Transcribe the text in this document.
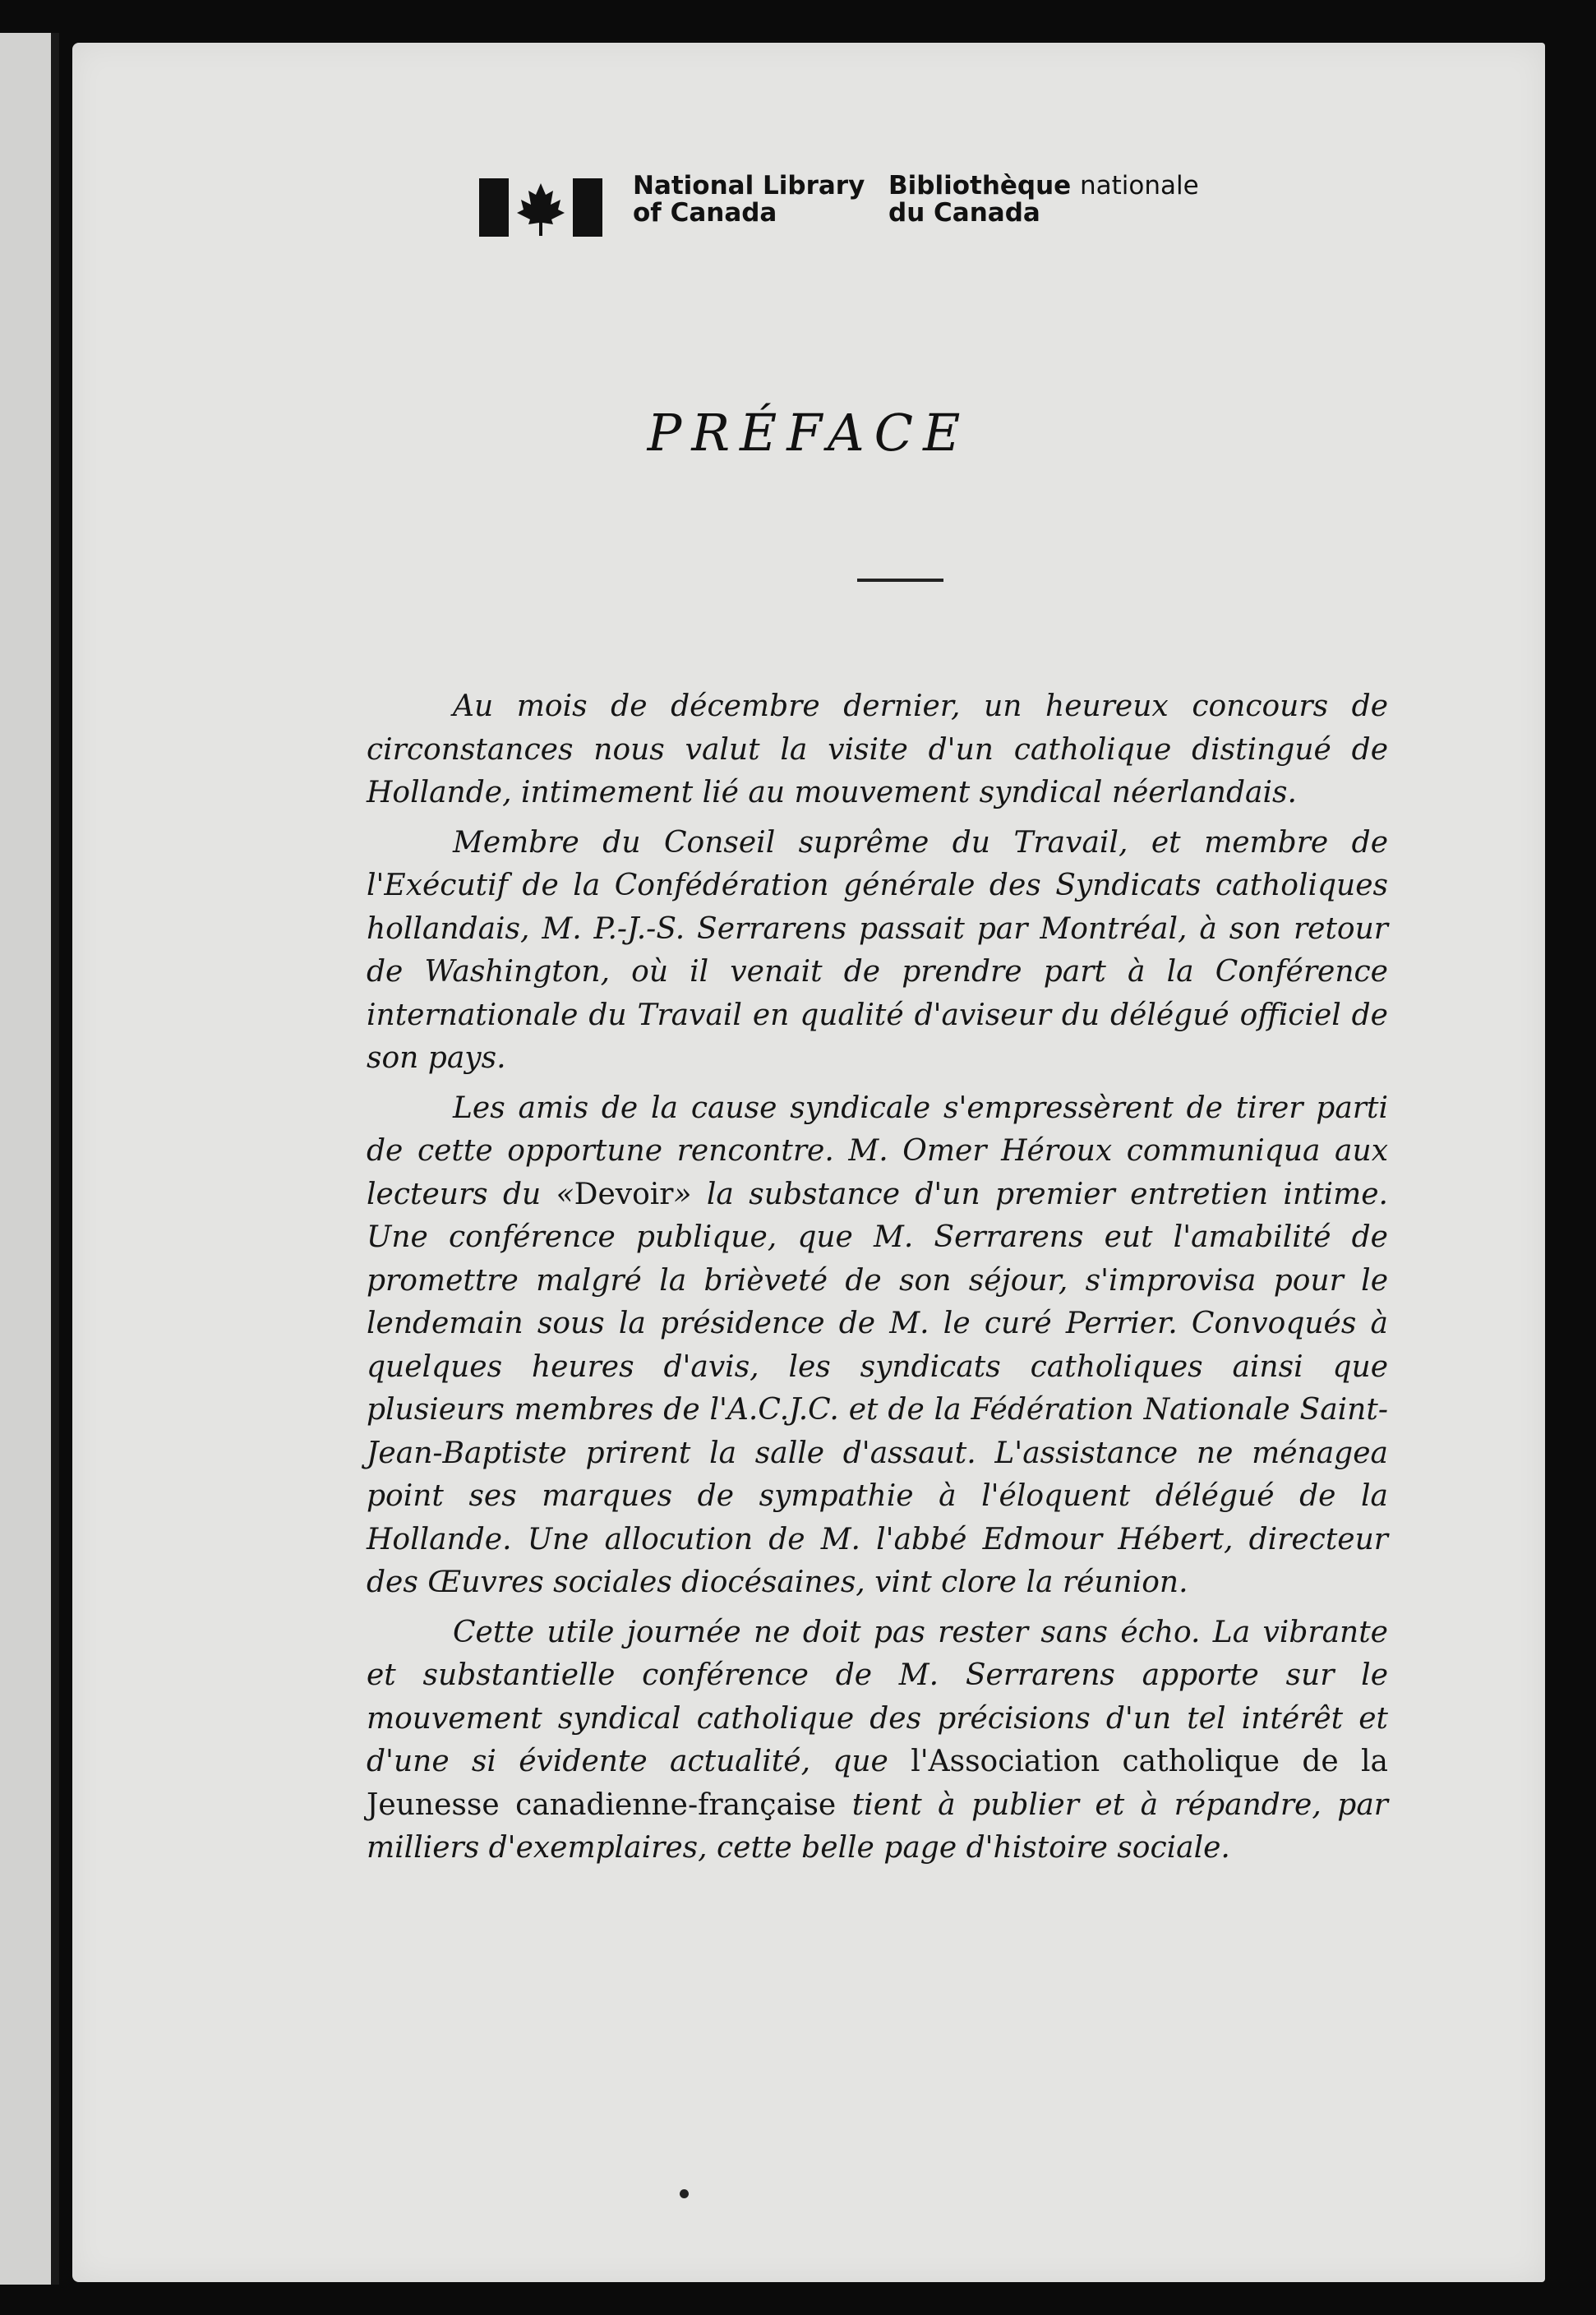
National Library
of Canada
Bibliothèque nationale
du Canada
PRÉFACE

Au mois de décembre dernier, un heureux concours de circonstances nous valut la visite d'un catholique distingué de Hollande, intimement lié au mouvement syndical néerlandais.

Membre du Conseil suprême du Travail, et membre de l'Exécutif de la Confédération générale des Syndicats catholiques hollandais, M. P.-J.-S. Serrarens passait par Montréal, à son retour de Washington, où il venait de prendre part à la Conférence internationale du Travail en qualité d'aviseur du délégué officiel de son pays.

Les amis de la cause syndicale s'empressèrent de tirer parti de cette opportune rencontre. M. Omer Héroux communiqua aux lecteurs du «Devoir» la substance d'un premier entretien intime. Une conférence publique, que M. Serrarens eut l'amabilité de promettre malgré la brièveté de son séjour, s'improvisa pour le lendemain sous la présidence de M. le curé Perrier. Convoqués à quelques heures d'avis, les syndicats catholiques ainsi que plusieurs membres de l'A.C.J.C. et de la Fédération Nationale Saint-Jean-Baptiste prirent la salle d'assaut. L'assistance ne ménagea point ses marques de sympathie à l'éloquent délégué de la Hollande. Une allocution de M. l'abbé Edmour Hébert, directeur des Œuvres sociales diocésaines, vint clore la réunion.

Cette utile journée ne doit pas rester sans écho. La vibrante et substantielle conférence de M. Serrarens apporte sur le mouvement syndical catholique des précisions d'un tel intérêt et d'une si évidente actualité, que l'Association catholique de la Jeunesse canadienne-française tient à publier et à répandre, par milliers d'exemplaires, cette belle page d'histoire sociale.
